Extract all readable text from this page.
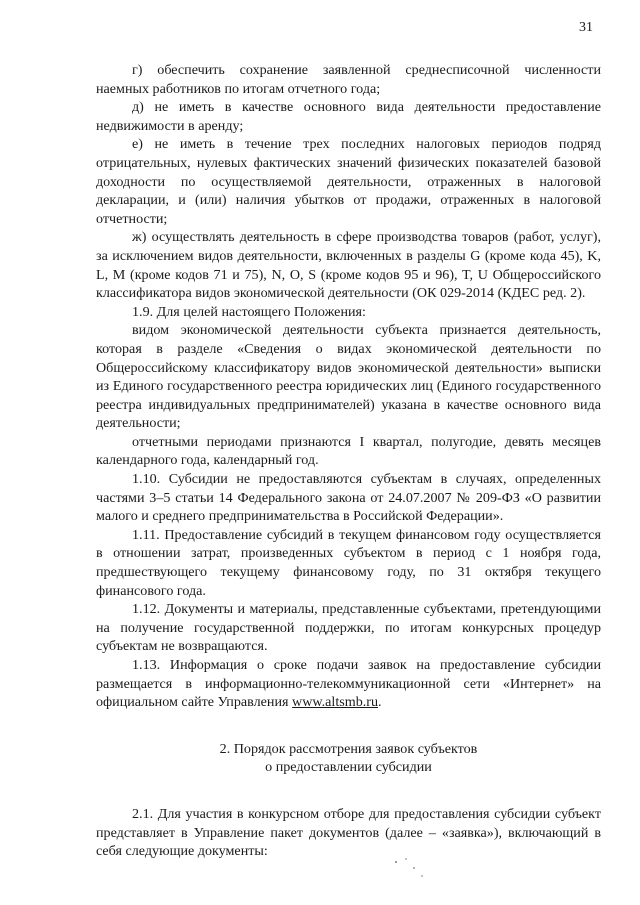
31

г) обеспечить сохранение заявленной среднесписочной численности наемных работников по итогам отчетного года;

д) не иметь в качестве основного вида деятельности предоставление недвижимости в аренду;

е) не иметь в течение трех последних налоговых периодов подряд отрицательных, нулевых фактических значений физических показателей базовой доходности по осуществляемой деятельности, отраженных в налоговой декларации, и (или) наличия убытков от продажи, отраженных в налоговой отчетности;

ж) осуществлять деятельность в сфере производства товаров (работ, услуг), за исключением видов деятельности, включенных в разделы G (кроме кода 45), K, L, M (кроме кодов 71 и 75), N, O, S (кроме кодов 95 и 96), T, U Общероссийского классификатора видов экономической деятельности (ОК 029-2014 (КДЕС ред. 2).

1.9. Для целей настоящего Положения:

видом экономической деятельности субъекта признается деятельность, которая в разделе «Сведения о видах экономической деятельности по Общероссийскому классификатору видов экономической деятельности» выписки из Единого государственного реестра юридических лиц (Единого государственного реестра индивидуальных предпринимателей) указана в качестве основного вида деятельности;

отчетными периодами признаются I квартал, полугодие, девять месяцев календарного года, календарный год.

1.10. Субсидии не предоставляются субъектам в случаях, определенных частями 3–5 статьи 14 Федерального закона от 24.07.2007 № 209-ФЗ «О развитии малого и среднего предпринимательства в Российской Федерации».

1.11. Предоставление субсидий в текущем финансовом году осуществляется в отношении затрат, произведенных субъектом в период с 1 ноября года, предшествующего текущему финансовому году, по 31 октября текущего финансового года.

1.12. Документы и материалы, представленные субъектами, претендующими на получение государственной поддержки, по итогам конкурсных процедур субъектам не возвращаются.

1.13. Информация о сроке подачи заявок на предоставление субсидии размещается в информационно-телекоммуникационной сети «Интернет» на официальном сайте Управления www.altsmb.ru.

2. Порядок рассмотрения заявок субъектов
о предоставлении субсидии

2.1. Для участия в конкурсном отборе для предоставления субсидии субъект представляет в Управление пакет документов (далее – «заявка»), включающий в себя следующие документы:
